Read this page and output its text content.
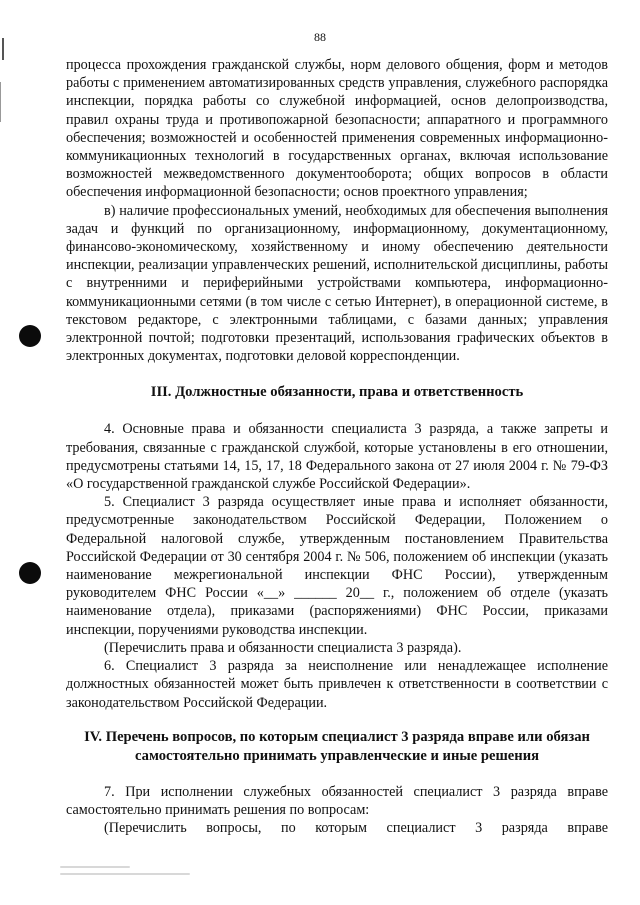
88

процесса прохождения гражданской службы, норм делового общения, форм и методов работы с применением автоматизированных средств управления, служебного распорядка инспекции, порядка работы со служебной информацией, основ делопроизводства, правил охраны труда и противопожарной безопасности; аппаратного и программного обеспечения; возможностей и особенностей применения современных информационно-коммуникационных технологий в государственных органах, включая использование возможностей межведомственного документооборота; общих вопросов в области обеспечения информационной безопасности; основ проектного управления;

в) наличие профессиональных умений, необходимых для обеспечения выполнения задач и функций по организационному, информационному, документационному, финансово-экономическому, хозяйственному и иному обеспечению деятельности инспекции, реализации управленческих решений, исполнительской дисциплины, работы с внутренними и периферийными устройствами компьютера, информационно-коммуникационными сетями (в том числе с сетью Интернет), в операционной системе, в текстовом редакторе, с электронными таблицами, с базами данных; управления электронной почтой; подготовки презентаций, использования графических объектов в электронных документах, подготовки деловой корреспонденции.

III. Должностные обязанности, права и ответственность

4. Основные права и обязанности специалиста 3 разряда, а также запреты и требования, связанные с гражданской службой, которые установлены в его отношении, предусмотрены статьями 14, 15, 17, 18 Федерального закона от 27 июля 2004 г. № 79-ФЗ «О государственной гражданской службе Российской Федерации».

5. Специалист 3 разряда осуществляет иные права и исполняет обязанности, предусмотренные законодательством Российской Федерации, Положением о Федеральной налоговой службе, утвержденным постановлением Правительства Российской Федерации от 30 сентября 2004 г. № 506, положением об инспекции (указать наименование межрегиональной инспекции ФНС России), утвержденным руководителем ФНС России «__» ______ 20__ г., положением об отделе (указать наименование отдела), приказами (распоряжениями) ФНС России, приказами инспекции, поручениями руководства инспекции.

(Перечислить права и обязанности специалиста 3 разряда).

6. Специалист 3 разряда за неисполнение или ненадлежащее исполнение должностных обязанностей может быть привлечен к ответственности в соответствии с законодательством Российской Федерации.

IV. Перечень вопросов, по которым специалист 3 разряда вправе или обязан
самостоятельно принимать управленческие и иные решения

7. При исполнении служебных обязанностей специалист 3 разряда вправе самостоятельно принимать решения по вопросам:

(Перечислить вопросы, по которым специалист 3 разряда вправе
